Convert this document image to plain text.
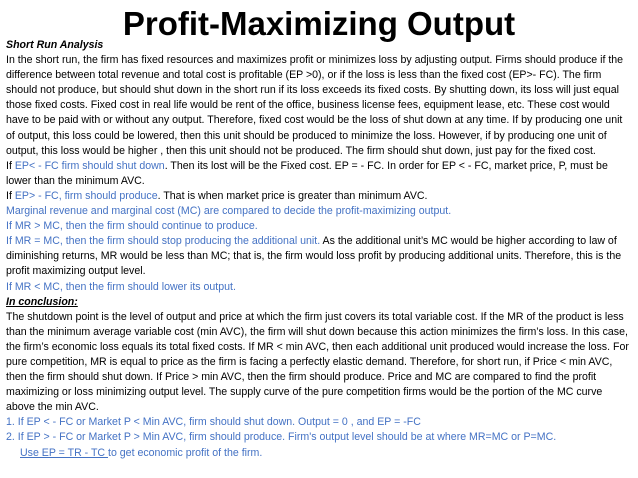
Profit-Maximizing Output

Short Run Analysis

In the short run, the firm has fixed resources and maximizes profit or minimizes loss by adjusting output. Firms should produce if the difference between total revenue and total cost is profitable (EP >0), or if the loss is less than the fixed cost (EP>- FC). The firm should not produce, but should shut down in the short run if its loss exceeds its fixed costs. By shutting down, its loss will just equal those fixed costs. Fixed cost in real life would be rent of the office, business license fees, equipment lease, etc. These cost would have to be paid with or without any output. Therefore, fixed cost would be the loss of shut down at any time. If by producing one unit of output, this loss could be lowered, then this unit should be produced to minimize the loss. However, if by producing one unit of output, this loss would be higher , then this unit should not be produced. The firm should shut down, just pay for the fixed cost.

If EP< - FC firm should shut down. Then its lost will be the Fixed cost. EP = - FC. In order for EP < - FC, market price, P, must be lower than the minimum AVC.

If EP> - FC, firm should produce. That is when market price is greater than minimum AVC.

Marginal revenue and marginal cost (MC) are compared to decide the profit-maximizing output.

If MR > MC, then the firm should continue to produce.

If MR = MC, then the firm should stop producing the additional unit. As the additional unit’s MC would be higher according to law of diminishing returns, MR would be less than MC; that is, the firm would loss profit by producing additional units. Therefore, this is the profit maximizing output level.

If MR < MC, then the firm should lower its output.

In conclusion:

The shutdown point is the level of output and price at which the firm just covers its total variable cost. If the MR of the product is less than the minimum average variable cost (min AVC), the firm will shut down because this action minimizes the firm’s loss. In this case, the firm’s economic loss equals its total fixed costs. If MR < min AVC, then each additional unit produced would increase the loss. For pure competition, MR is equal to price as the firm is facing a perfectly elastic demand. Therefore, for short run, if Price < min AVC, then the firm should shut down. If Price > min AVC, then the firm should produce. Price and MC are compared to find the profit maximizing or loss minimizing output level. The supply curve of the pure competition firms would be the portion of the MC curve above the min AVC.

1. If EP < - FC or Market P < Min AVC, firm should shut down. Output = 0 , and EP = -FC

2. If EP > - FC or Market P > Min AVC, firm should produce. Firm's output level should be at where MR=MC or P=MC.

Use EP = TR - TC to get economic profit of the firm.
